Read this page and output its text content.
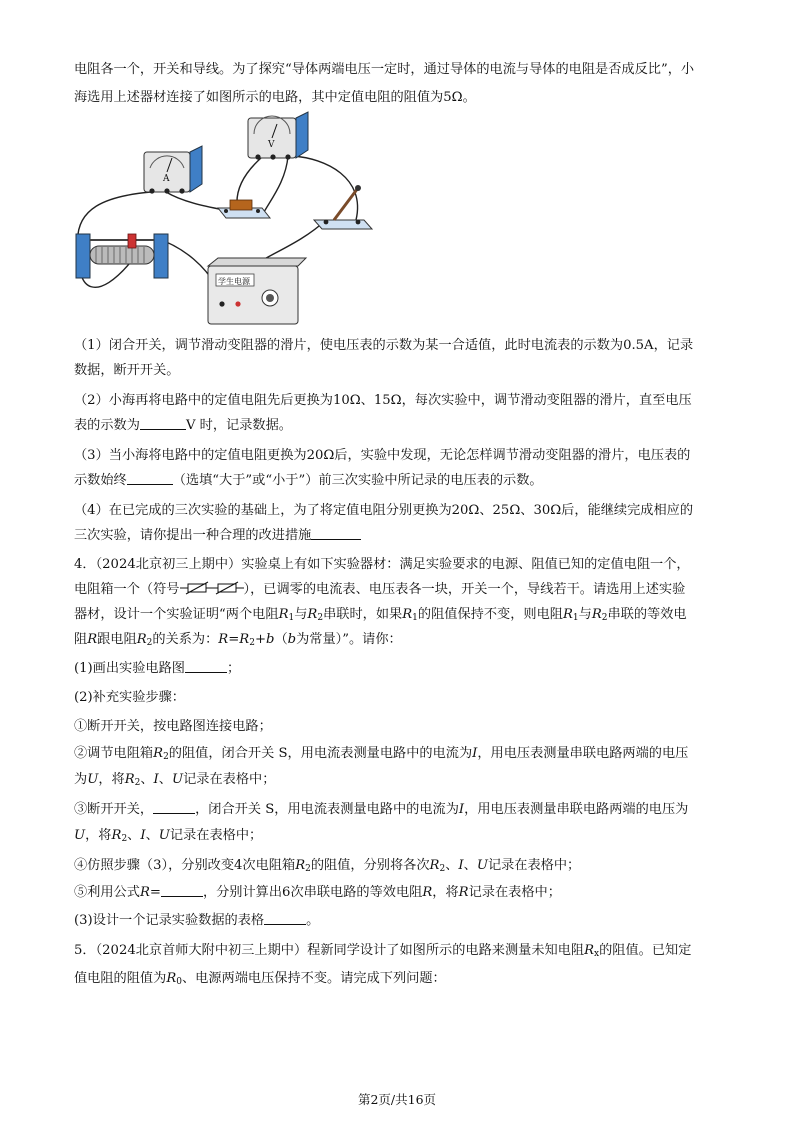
电阻各一个，开关和导线。为了探究“导体两端电压一定时，通过导体的电流与导体的电阻是否成反比”，小
海选用上述器材连接了如图所示的电路，其中定值电阻的阻值为5Ω。
A
V
学生电源
（1）闭合开关，调节滑动变阻器的滑片，使电压表的示数为某一合适值，此时电流表的示数为0.5A，记录
数据，断开开关。
（2）小海再将电路中的定值电阻先后更换为10Ω、15Ω，每次实验中，调节滑动变阻器的滑片，直至电压
表的示数为	V 时，记录数据。
（3）当小海将电路中的定值电阻更换为20Ω后，实验中发现，无论怎样调节滑动变阻器的滑片，电压表的
示数始终	（选填“大于”或“小于”）前三次实验中所记录的电压表的示数。
（4）在已完成的三次实验的基础上，为了将定值电阻分别更换为20Ω、25Ω、30Ω后，能继续完成相应的
三次实验，请你提出一种合理的改进措施
4．（2024北京初三上期中）实验桌上有如下实验器材：满足实验要求的电源、阻值已知的定值电阻一个，
电阻箱一个（符号	），已调零的电流表、电压表各一块，开关一个，导线若干。请选用上述实验
器材，设计一个实验证明“两个电阻$R_1$与$R_2$串联时，如果$R_1$的阻值保持不变，则电阻$R_1$与$R_2$串联的等效电
阻R跟电阻$R_2$的关系为：$R=R_2+b(b$为常量）”。请你：
(1)画出实验电路图	；
(2)补充实验步骤：
①断开开关，按电路图连接电路；
②调节电阻箱$R_2$的阻值，闭合开关 S，用电流表测量电路中的电流为I，用电压表测量串联电路两端的电压
为U，将$R_2$、I、U记录在表格中；
③断开开关，	，闭合开关 S，用电流表测量电路中的电流为I，用电压表测量串联电路两端的电压为
U，将$R_2$、I、U记录在表格中；
④仿照步骤（3），分别改变4次电阻箱$R_2$的阻值，分别将各次$R_2$、I、U记录在表格中；
⑤利用公式R=	，分别计算出6次串联电路的等效电阻R，将R记录在表格中；
(3)设计一个记录实验数据的表格	。
5．（2024北京首师大附中初三上期中）程新同学设计了如图所示的电路来测量未知电阻$R_x$的阻值。已知定
值电阻的阻值为$R_0$、电源两端电压保持不变。请完成下列问题：
第2页/共16页
